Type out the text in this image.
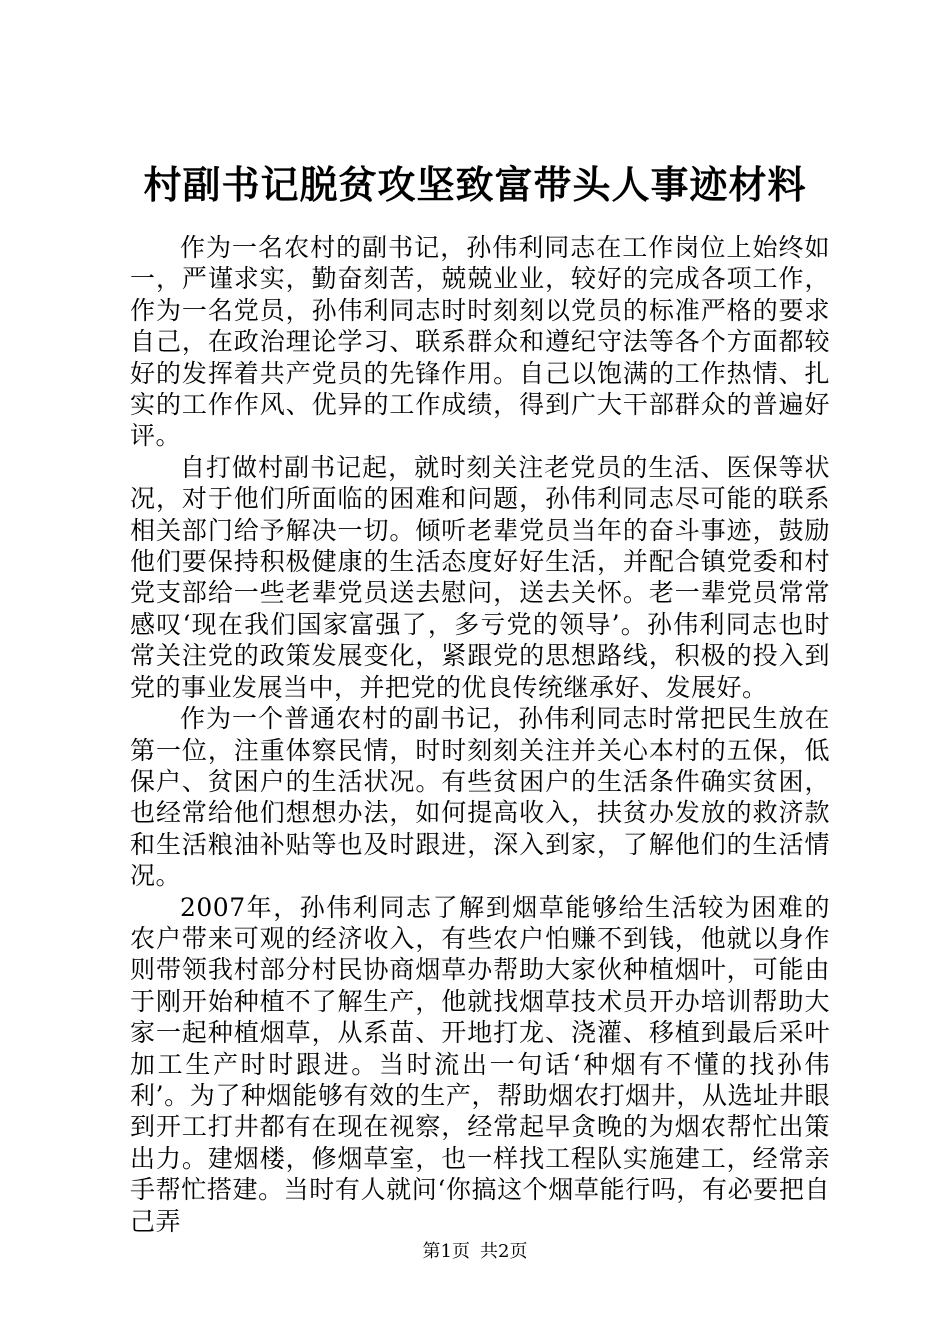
村副书记脱贫攻坚致富带头人事迹材料

作为一名农村的副书记，孙伟利同志在工作岗位上始终如一，严谨求实，勤奋刻苦，兢兢业业，较好的完成各项工作，作为一名党员，孙伟利同志时时刻刻以党员的标准严格的要求自己，在政治理论学习、联系群众和遵纪守法等各个方面都较好的发挥着共产党员的先锋作用。自己以饱满的工作热情、扎实的工作作风、优异的工作成绩，得到广大干部群众的普遍好评。

自打做村副书记起，就时刻关注老党员的生活、医保等状况，对于他们所面临的困难和问题，孙伟利同志尽可能的联系相关部门给予解决一切。倾听老辈党员当年的奋斗事迹，鼓励他们要保持积极健康的生活态度好好生活，并配合镇党委和村党支部给一些老辈党员送去慰问，送去关怀。老一辈党员常常感叹‘现在我们国家富强了，多亏党的领导’。孙伟利同志也时常关注党的政策发展变化，紧跟党的思想路线，积极的投入到党的事业发展当中，并把党的优良传统继承好、发展好。

作为一个普通农村的副书记，孙伟利同志时常把民生放在第一位，注重体察民情，时时刻刻关注并关心本村的五保，低保户、贫困户的生活状况。有些贫困户的生活条件确实贫困，也经常给他们想想办法，如何提高收入，扶贫办发放的救济款和生活粮油补贴等也及时跟进，深入到家，了解他们的生活情况。

2007年，孙伟利同志了解到烟草能够给生活较为困难的农户带来可观的经济收入，有些农户怕赚不到钱，他就以身作则带领我村部分村民协商烟草办帮助大家伙种植烟叶，可能由于刚开始种植不了解生产，他就找烟草技术员开办培训帮助大家一起种植烟草，从系苗、开地打龙、浇灌、移植到最后采叶加工生产时时跟进。当时流出一句话‘种烟有不懂的找孙伟利’。为了种烟能够有效的生产，帮助烟农打烟井，从选址井眼到开工打井都有在现在视察，经常起早贪晚的为烟农帮忙出策出力。建烟楼，修烟草室，也一样找工程队实施建工，经常亲手帮忙搭建。当时有人就问‘你搞这个烟草能行吗，有必要把自己弄

第1页 共2页
